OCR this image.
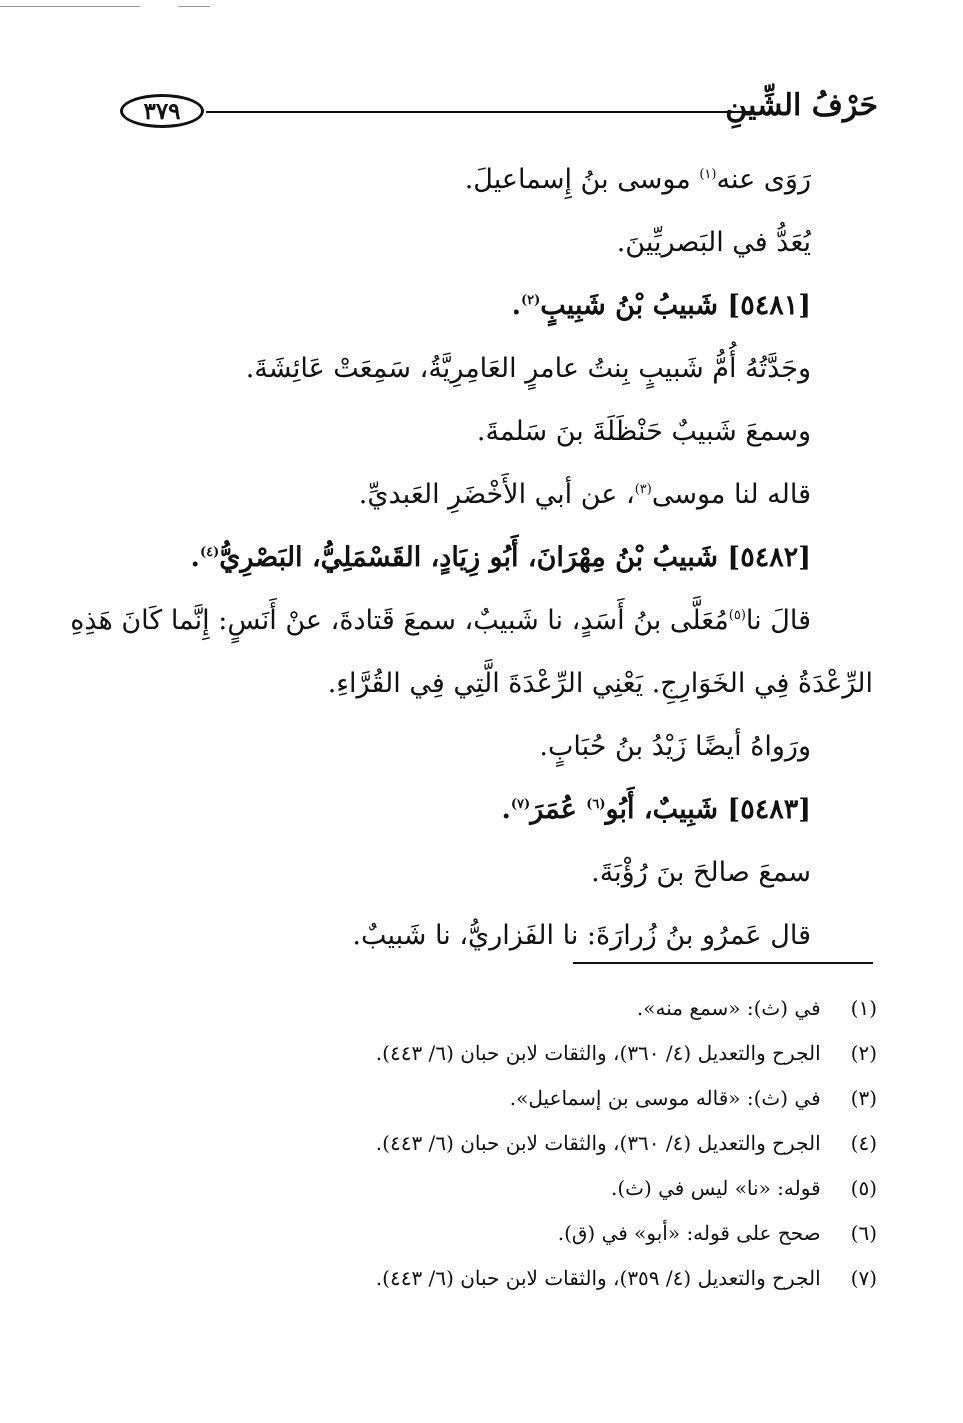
٣٧٩	حَرْفُ الشِّينِ
رَوَى عنه$^{(١)}$ موسى بنُ إِسماعيلَ.
يُعَدُّ في البَصريِّينَ.
[٥٤٨١] شَبيبُ بْنُ شَبِيبٍ$^{(٢)}$.
وجَدَّتُهُ أُمُّ شَبيبٍ بِنتُ عامرٍ العَامِرِيَّةُ، سَمِعَتْ عَائِشَةَ.
وسمعَ شَبيبٌ حَنْظَلَةَ بنَ سَلمةَ.
قاله لنا موسى$^{(٣)}$، عن أبي الأَخْضَرِ العَبديِّ.
[٥٤٨٢] شَبيبُ بْنُ مِهْرَانَ، أَبُو زِيَادٍ، القَسْمَلِيُّ، البَصْرِيُّ$^{(٤)}$.
قالَ نا$^{(٥)}$مُعَلَّى بنُ أَسَدٍ، نا شَبيبٌ، سمعَ قَتادةَ، عنْ أَنَسٍ: إِنَّما كَانَ هَذِهِ
الرِّعْدَةُ فِي الخَوَارِجِ. يَعْنِي الرِّعْدَةَ الَّتِي فِي القُرَّاءِ.
ورَواهُ أيضًا زَيْدُ بنُ حُبَابٍ.
[٥٤٨٣] شَبِيبٌ، أَبُو$^{(٦)}$ عُمَرَ$^{(٧)}$.
سمعَ صالحَ بنَ رُؤْبَةَ.
قال عَمرُو بنُ زُرارَةَ: نا الفَزاريُّ، نا شَبيبٌ.
(١) في (ث): «سمع منه».
(٢) الجرح والتعديل (٤/ ٣٦٠)، والثقات لابن حبان (٦/ ٤٤٣).
(٣) في (ث): «قاله موسى بن إسماعيل».
(٤) الجرح والتعديل (٤/ ٣٦٠)، والثقات لابن حبان (٦/ ٤٤٣).
(٥) قوله: «نا» ليس في (ث).
(٦) صحح على قوله: «أبو» في (ق).
(٧) الجرح والتعديل (٤/ ٣٥٩)، والثقات لابن حبان (٦/ ٤٤٣).
